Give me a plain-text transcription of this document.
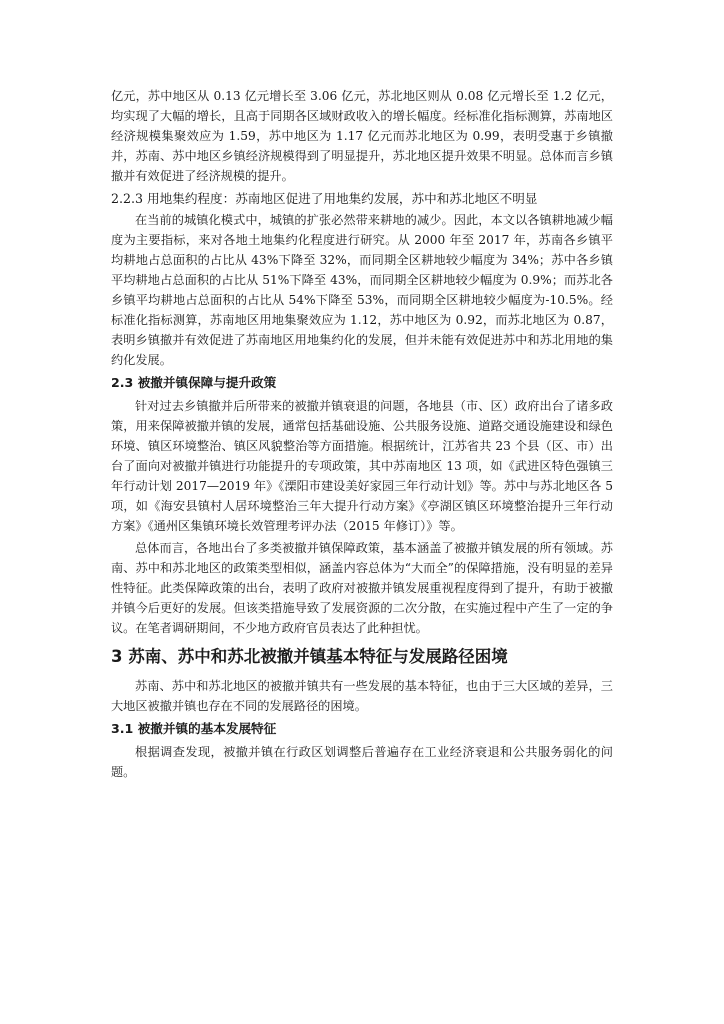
亿元，苏中地区从 0.13 亿元增长至 3.06 亿元，苏北地区则从 0.08 亿元增长至 1.2 亿元，均实现了大幅的增长，且高于同期各区域财政收入的增长幅度。经标准化指标测算，苏南地区经济规模集聚效应为 1.59，苏中地区为 1.17 亿元而苏北地区为 0.99，表明受惠于乡镇撤并，苏南、苏中地区乡镇经济规模得到了明显提升，苏北地区提升效果不明显。总体而言乡镇撤并有效促进了经济规模的提升。

2.2.3 用地集约程度：苏南地区促进了用地集约发展，苏中和苏北地区不明显

在当前的城镇化模式中，城镇的扩张必然带来耕地的减少。因此，本文以各镇耕地减少幅度为主要指标，来对各地土地集约化程度进行研究。从 2000 年至 2017 年，苏南各乡镇平均耕地占总面积的占比从 43%下降至 32%，而同期全区耕地较少幅度为 34%；苏中各乡镇平均耕地占总面积的占比从 51%下降至 43%，而同期全区耕地较少幅度为 0.9%；而苏北各乡镇平均耕地占总面积的占比从 54%下降至 53%，而同期全区耕地较少幅度为-10.5%。经标准化指标测算，苏南地区用地集聚效应为 1.12，苏中地区为 0.92，而苏北地区为 0.87，表明乡镇撤并有效促进了苏南地区用地集约化的发展，但并未能有效促进苏中和苏北用地的集约化发展。

2.3 被撤并镇保障与提升政策

针对过去乡镇撤并后所带来的被撤并镇衰退的问题，各地县（市、区）政府出台了诸多政策，用来保障被撤并镇的发展，通常包括基础设施、公共服务设施、道路交通设施建设和绿色环境、镇区环境整治、镇区风貌整治等方面措施。根据统计，江苏省共 23 个县（区、市）出台了面向对被撤并镇进行功能提升的专项政策，其中苏南地区 13 项，如《武进区特色强镇三年行动计划 2017—2019 年》《溧阳市建设美好家园三年行动计划》等。苏中与苏北地区各 5 项，如《海安县镇村人居环境整治三年大提升行动方案》《亭湖区镇区环境整治提升三年行动方案》《通州区集镇环境长效管理考评办法（2015 年修订）》等。

总体而言，各地出台了多类被撤并镇保障政策，基本涵盖了被撤并镇发展的所有领域。苏南、苏中和苏北地区的政策类型相似，涵盖内容总体为“大而全”的保障措施，没有明显的差异性特征。此类保障政策的出台，表明了政府对被撤并镇发展重视程度得到了提升，有助于被撤并镇今后更好的发展。但该类措施导致了发展资源的二次分散，在实施过程中产生了一定的争议。在笔者调研期间，不少地方政府官员表达了此种担忧。

3 苏南、苏中和苏北被撤并镇基本特征与发展路径困境

苏南、苏中和苏北地区的被撤并镇共有一些发展的基本特征，也由于三大区域的差异，三大地区被撤并镇也存在不同的发展路径的困境。

3.1 被撤并镇的基本发展特征

根据调查发现，被撤并镇在行政区划调整后普遍存在工业经济衰退和公共服务弱化的问题。
